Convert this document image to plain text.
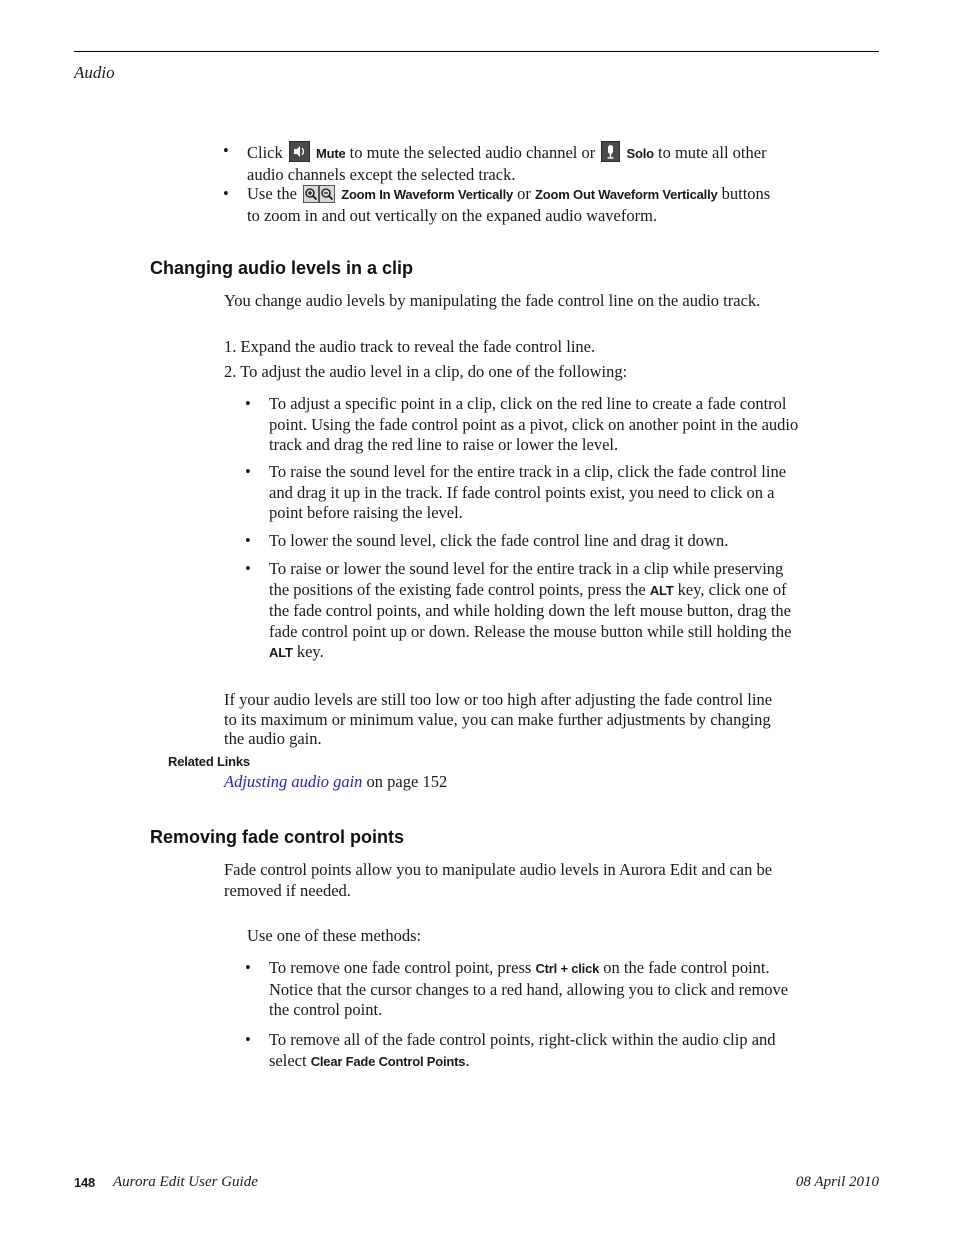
Audio
• Click	Mute to mute the selected audio channel or Solo to mute all other
audio channels except the selected track.
• Use the	Zoom In Waveform Vertically or Zoom Out Waveform Vertically buttons
to zoom in and out vertically on the expaned audio waveform.
Changing audio levels in a clip
You change audio levels by manipulating the fade control line on the audio track.
1. Expand the audio track to reveal the fade control line.
2. To adjust the audio level in a clip, do one of the following:
• To adjust a specific point in a clip, click on the red line to create a fade control
point. Using the fade control point as a pivot, click on another point in the audio
track and drag the red line to raise or lower the level.
• To raise the sound level for the entire track in a clip, click the fade control line
and drag it up in the track. If fade control points exist, you need to click on a
point before raising the level.
• To lower the sound level, click the fade control line and drag it down.
• To raise or lower the sound level for the entire track in a clip while preserving
the positions of the existing fade control points, press the ALT key, click one of
the fade control points, and while holding down the left mouse button, drag the
fade control point up or down. Release the mouse button while still holding the
ALT key.
If your audio levels are still too low or too high after adjusting the fade control line
to its maximum or minimum value, you can make further adjustments by changing
the audio gain.
Related Links
Adjusting audio gain on page 152
Removing fade control points
Fade control points allow you to manipulate audio levels in Aurora Edit and can be
removed if needed.
Use one of these methods:
• To remove one fade control point, press Ctrl + click on the fade control point.
Notice that the cursor changes to a red hand, allowing you to click and remove
the control point.
• To remove all of the fade control points, right-click within the audio clip and
select Clear Fade Control Points.
148 Aurora Edit User Guide	08 April 2010
